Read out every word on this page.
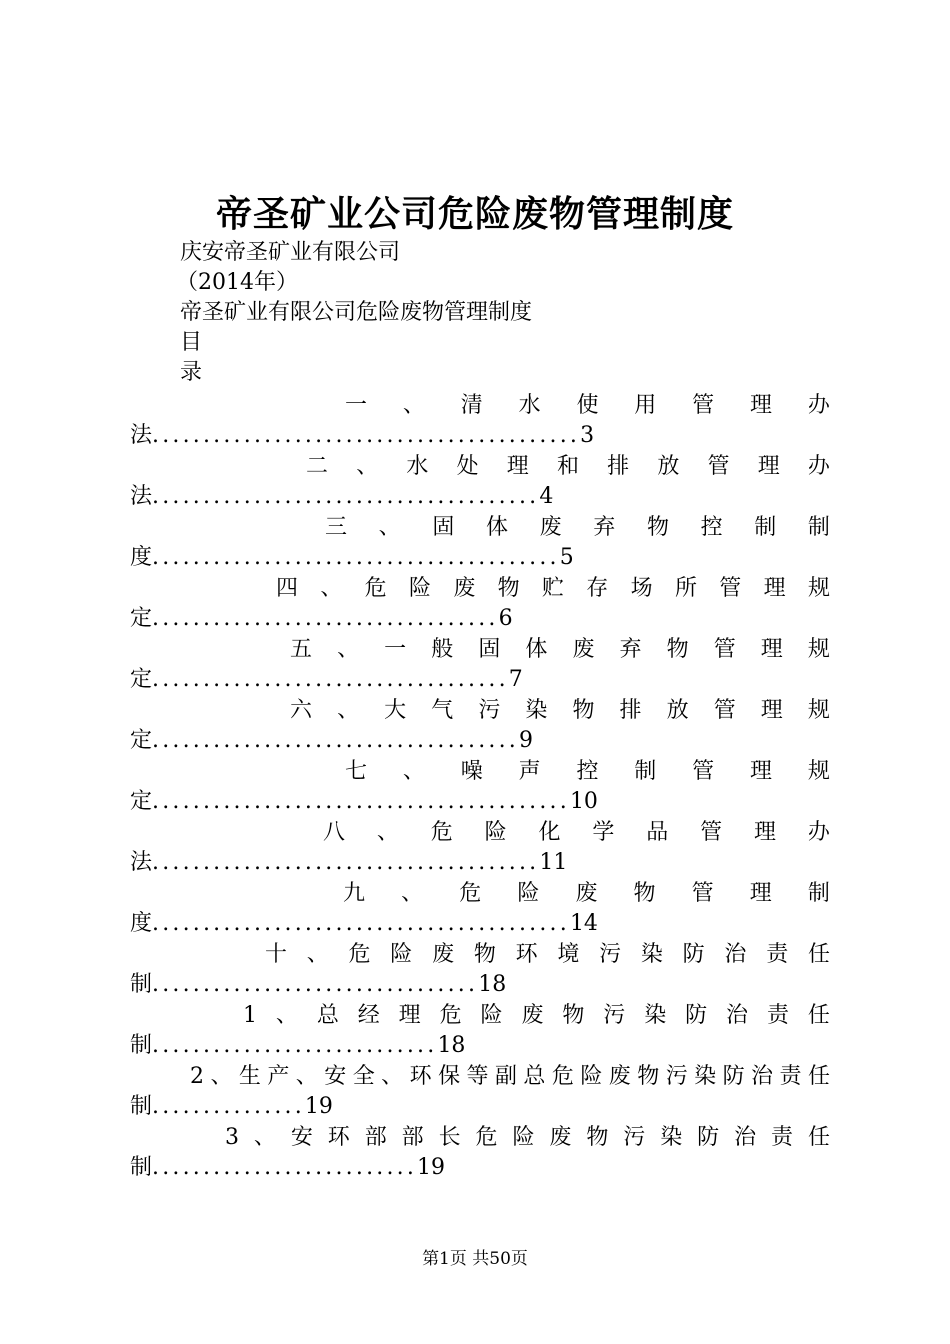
帝圣矿业公司危险废物管理制度
庆安帝圣矿业有限公司
（2014年）
帝圣矿业有限公司危险废物管理制度
目
录
一 、 清 水 使 用 管 理 办
法..........................................3
二 、 水 处 理 和 排 放 管 理 办
法......................................4
三 、 固 体 废 弃 物 控 制 制
度........................................5
四 、 危 险 废 物 贮 存 场 所 管 理 规
定..................................6
五 、 一 般 固 体 废 弃 物 管 理 规
定...................................7
六 、 大 气 污 染 物 排 放 管 理 规
定....................................9
七 、 噪 声 控 制 管 理 规
定.........................................10
八 、 危 险 化 学 品 管 理 办
法......................................11
九 、 危 险 废 物 管 理 制
度.........................................14
十 、 危 险 废 物 环 境 污 染 防 治 责 任
制................................18
1 、 总 经 理 危 险 废 物 污 染 防 治 责 任
制............................18
2 、 生 产 、 安 全 、 环 保 等 副 总 危 险 废 物 污 染 防 治 责 任
制...............19
3 、 安 环 部 部 长 危 险 废 物 污 染 防 治 责 任
制..........................19
第1页 共50页
